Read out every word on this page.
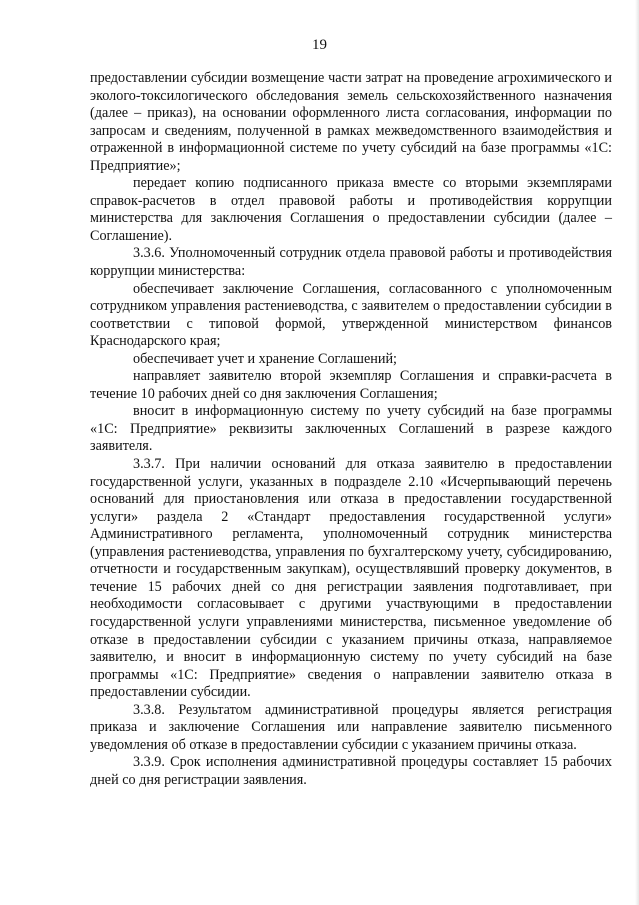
19

предоставлении субсидии возмещение части затрат на проведение агрохимического и эколого-токсилогического обследования земель сельскохозяйственного назначения (далее – приказ), на основании оформленного листа согласования, информации по запросам и сведениям, полученной в рамках межведомственного взаимодействия и отраженной в информационной системе по учету субсидий на базе программы «1С: Предприятие»;

передает копию подписанного приказа вместе со вторыми экземплярами справок-расчетов в отдел правовой работы и противодействия коррупции министерства для заключения Соглашения о предоставлении субсидии (далее – Соглашение).

3.3.6. Уполномоченный сотрудник отдела правовой работы и противодействия коррупции министерства:

обеспечивает заключение Соглашения, согласованного с уполномоченным сотрудником управления растениеводства, с заявителем о предоставлении субсидии в соответствии с типовой формой, утвержденной министерством финансов Краснодарского края;

обеспечивает учет и хранение Соглашений;

направляет заявителю второй экземпляр Соглашения и справки-расчета в течение 10 рабочих дней со дня заключения Соглашения;

вносит в информационную систему по учету субсидий на базе программы «1С: Предприятие» реквизиты заключенных Соглашений в разрезе каждого заявителя.

3.3.7. При наличии оснований для отказа заявителю в предоставлении государственной услуги, указанных в подразделе 2.10 «Исчерпывающий перечень оснований для приостановления или отказа в предоставлении государственной услуги» раздела 2 «Стандарт предоставления государственной услуги» Административного регламента, уполномоченный сотрудник министерства (управления растениеводства, управления по бухгалтерскому учету, субсидированию, отчетности и государственным закупкам), осуществлявший проверку документов, в течение 15 рабочих дней со дня регистрации заявления подготавливает, при необходимости согласовывает с другими участвующими в предоставлении государственной услуги управлениями министерства, письменное уведомление об отказе в предоставлении субсидии с указанием причины отказа, направляемое заявителю, и вносит в информационную систему по учету субсидий на базе программы «1С: Предприятие» сведения о направлении заявителю отказа в предоставлении субсидии.

3.3.8. Результатом административной процедуры является регистрация приказа и заключение Соглашения или направление заявителю письменного уведомления об отказе в предоставлении субсидии с указанием причины отказа.

3.3.9. Срок исполнения административной процедуры составляет 15 рабочих дней со дня регистрации заявления.
